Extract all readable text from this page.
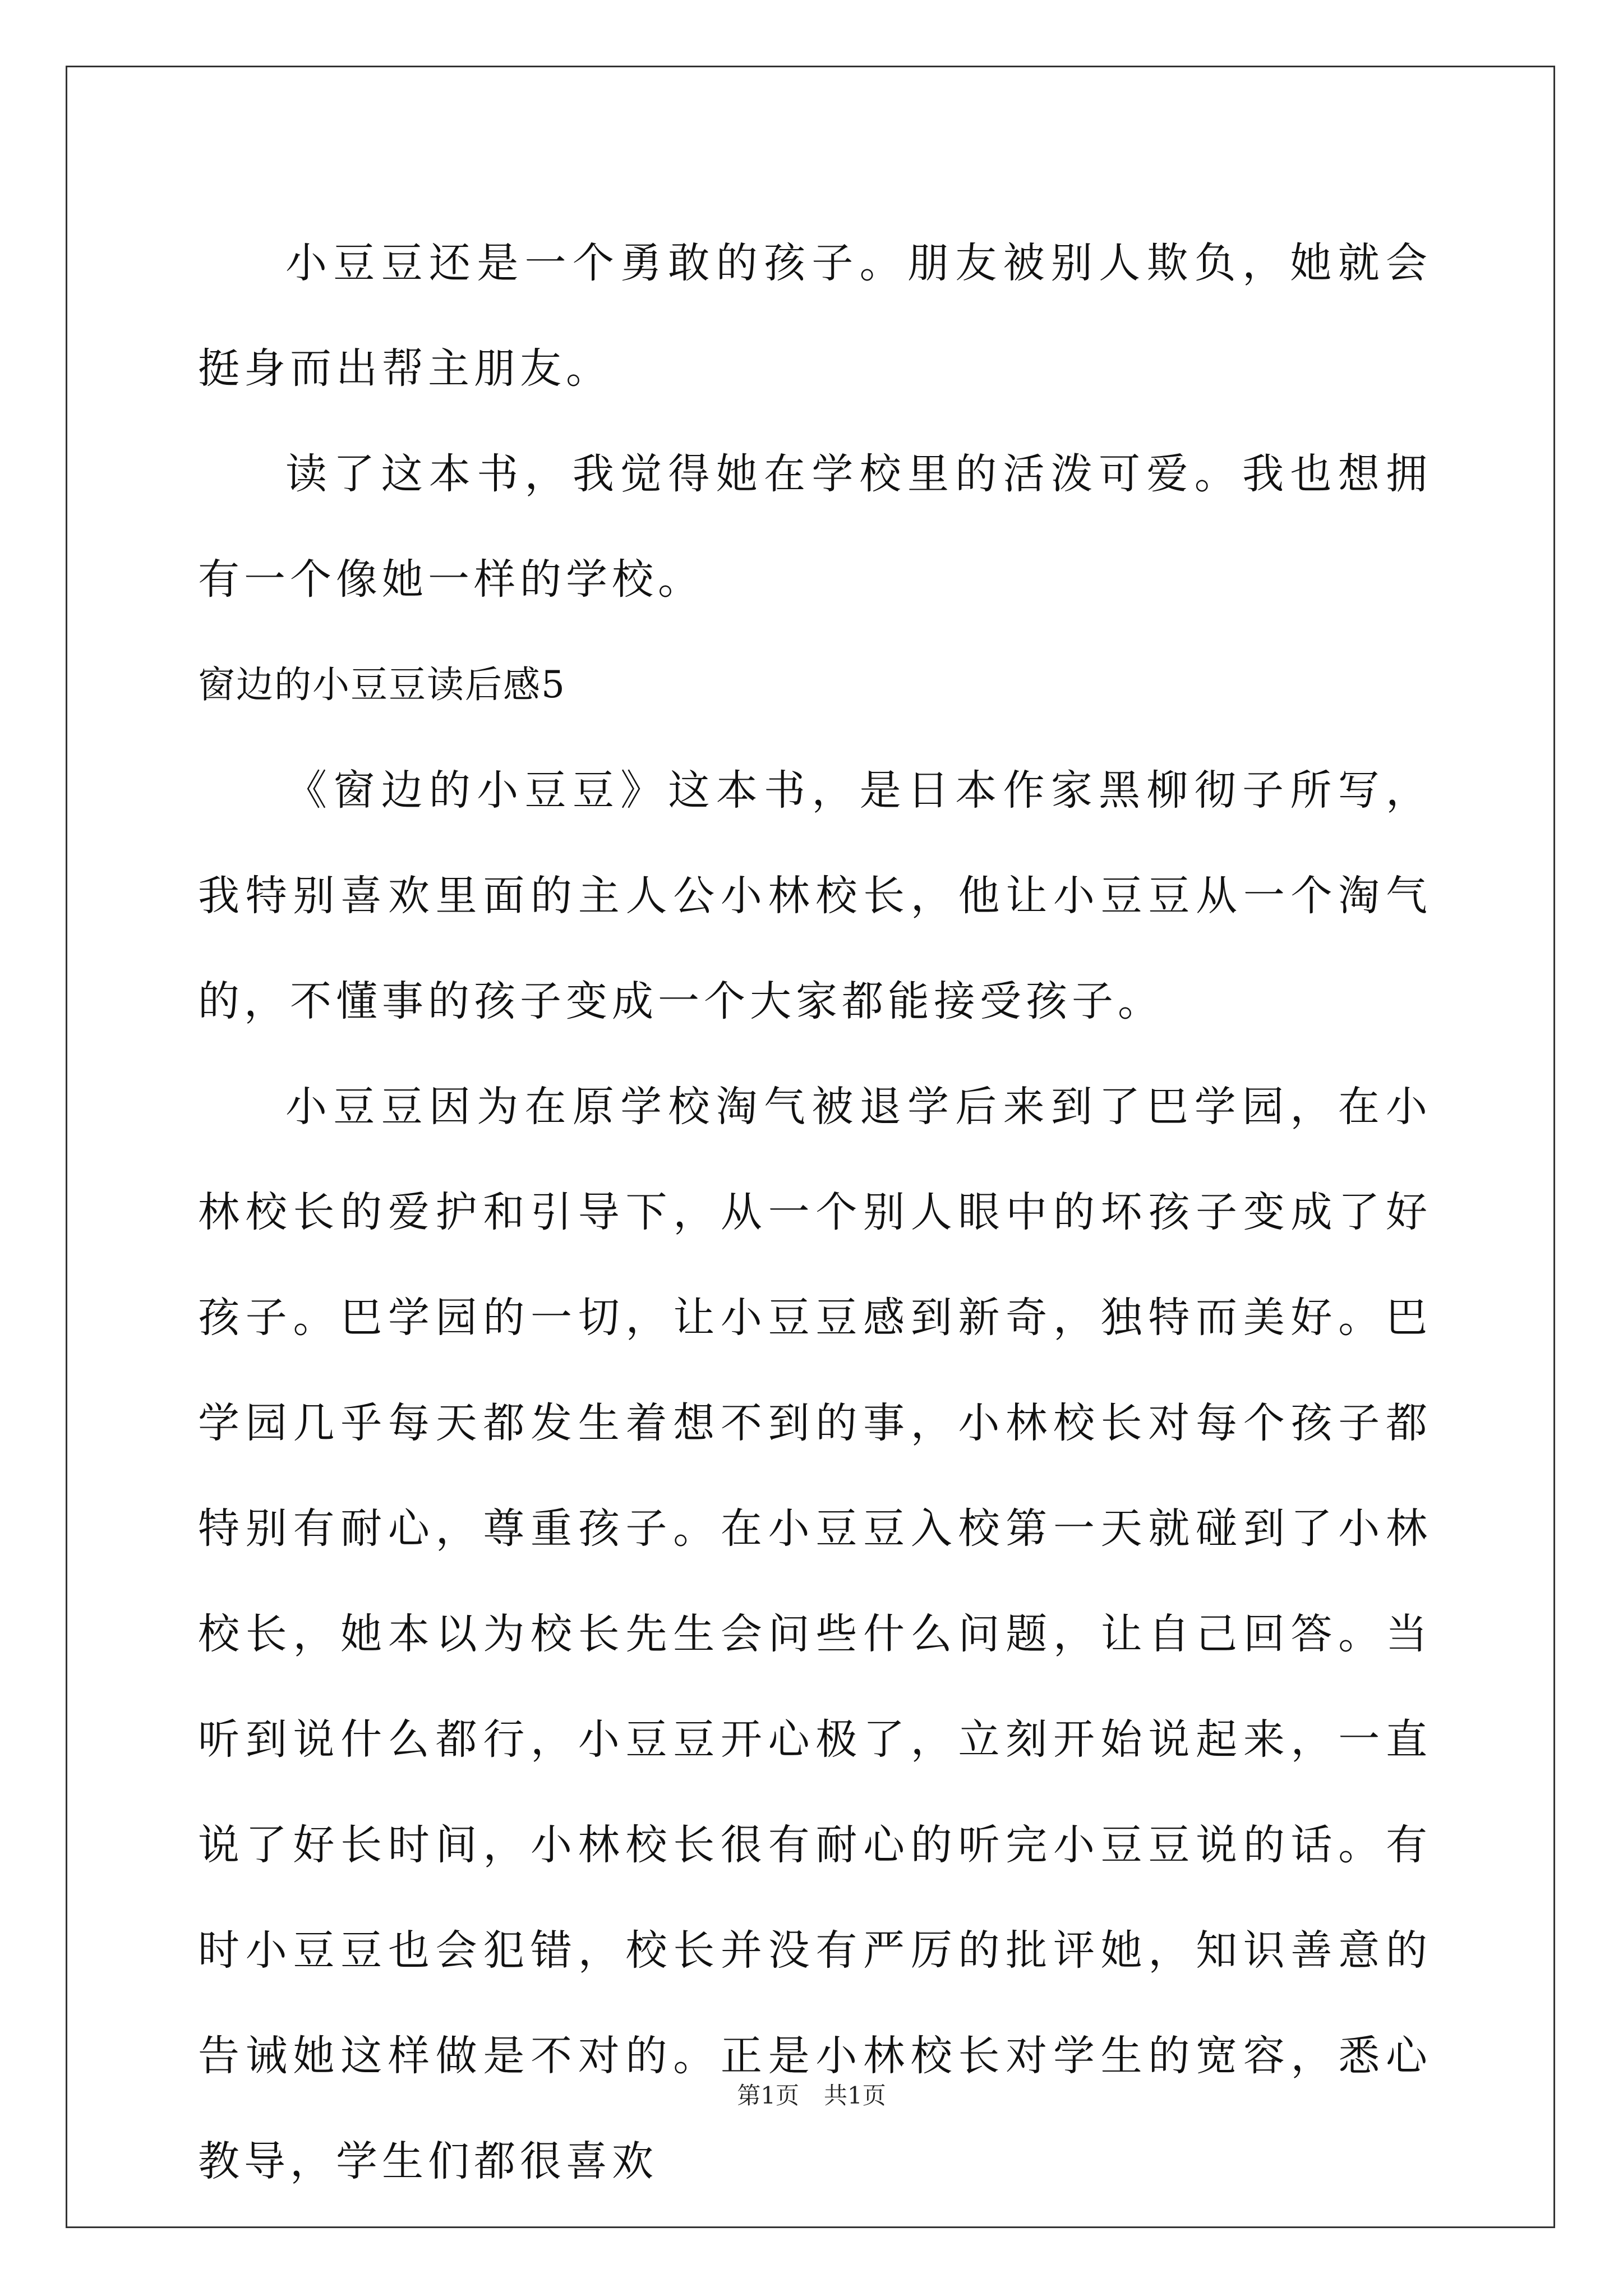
小豆豆还是一个勇敢的孩子。朋友被别人欺负，她就会挺身而出帮主朋友。

读了这本书，我觉得她在学校里的活泼可爱。我也想拥有一个像她一样的学校。

窗边的小豆豆读后感5

《窗边的小豆豆》这本书，是日本作家黑柳彻子所写，我特别喜欢里面的主人公小林校长，他让小豆豆从一个淘气的，不懂事的孩子变成一个大家都能接受孩子。

小豆豆因为在原学校淘气被退学后来到了巴学园，在小林校长的爱护和引导下，从一个别人眼中的坏孩子变成了好孩子。巴学园的一切，让小豆豆感到新奇，独特而美好。巴学园几乎每天都发生着想不到的事，小林校长对每个孩子都特别有耐心，尊重孩子。在小豆豆入校第一天就碰到了小林校长，她本以为校长先生会问些什么问题，让自己回答。当听到说什么都行，小豆豆开心极了，立刻开始说起来，一直说了好长时间，小林校长很有耐心的听完小豆豆说的话。有时小豆豆也会犯错，校长并没有严厉的批评她，知识善意的告诫她这样做是不对的。正是小林校长对学生的宽容，悉心教导，学生们都很喜欢

第1页 共1页
